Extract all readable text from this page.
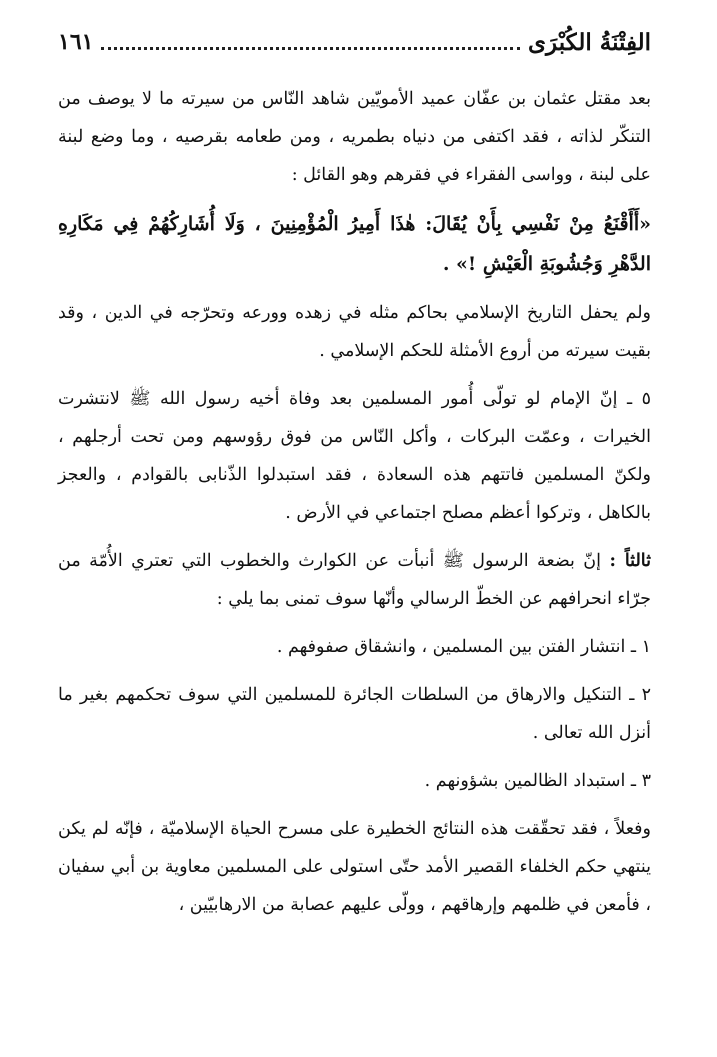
الفِتْنَةُ الكُبْرَى
١٦١

بعد مقتل عثمان بن عفّان عميد الأمويّين شاهد النّاس من سيرته ما لا يوصف من التنكّر لذاته ، فقد اكتفى من دنياه بطمريه ، ومن طعامه بقرصيه ، وما وضع لبنة على لبنة ، وواسى الفقراء في فقرهم وهو القائل :

«أَأَقْنَعُ مِنْ نَفْسِي بِأَنْ يُقَالَ: هٰذَا أَمِيرُ الْمُؤْمِنِينَ ، وَلَا أُشَارِكُهُمْ فِي مَكَارِهِ الدَّهْرِ وَجُشُوبَةِ الْعَيْشِ !» .

ولم يحفل التاريخ الإسلامي بحاكم مثله في زهده وورعه وتحرّجه في الدين ، وقد بقيت سيرته من أروع الأمثلة للحكم الإسلامي .

٥ ـ إنّ الإمام لو تولّى أُمور المسلمين بعد وفاة أخيه رسول الله ﷺ لانتشرت الخيرات ، وعمّت البركات ، وأكل النّاس من فوق رؤوسهم ومن تحت أرجلهم ، ولكنّ المسلمين فاتتهم هذه السعادة ، فقد استبدلوا الذّنابى بالقوادم ، والعجز بالكاهل ، وتركوا أعظم مصلح اجتماعي في الأرض .

ثالثاً : إنّ بضعة الرسول ﷺ أنبأت عن الكوارث والخطوب التي تعتري الأُمّة من جرّاء انحرافهم عن الخطّ الرسالي وأنّها سوف تمنى بما يلي :

١ ـ انتشار الفتن بين المسلمين ، وانشقاق صفوفهم .

٢ ـ التنكيل والارهاق من السلطات الجائرة للمسلمين التي سوف تحكمهم بغير ما أنزل الله تعالى .

٣ ـ استبداد الظالمين بشؤونهم .

وفعلاً ، فقد تحقّقت هذه النتائج الخطيرة على مسرح الحياة الإسلاميّة ، فإنّه لم يكن ينتهي حكم الخلفاء القصير الأمد حتّى استولى على المسلمين معاوية بن أبي سفيان ، فأمعن في ظلمهم وإرهاقهم ، وولّى عليهم عصابة من الارهابيّين ،
